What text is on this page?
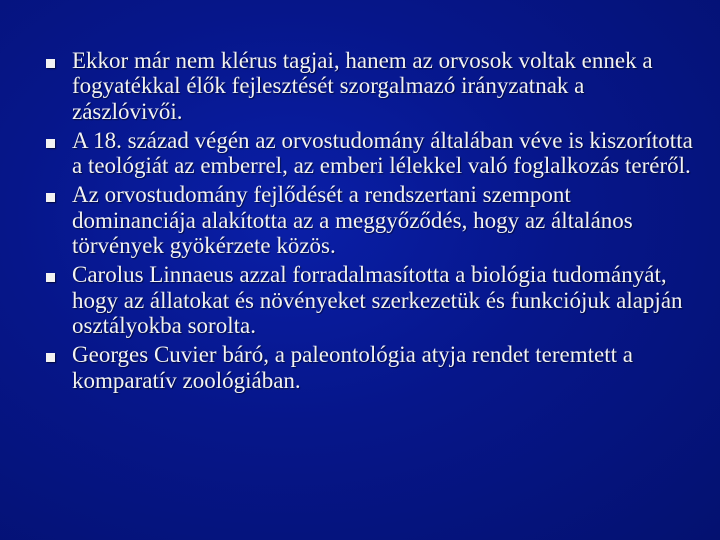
Ekkor már nem klérus tagjai, hanem az orvosok voltak ennek a fogyatékkal élők fejlesztését szorgalmazó irányzatnak a zászlóvivői.
A 18. század végén az orvostudomány általában véve is kiszorította a teológiát az emberrel, az emberi lélekkel való foglalkozás teréről.
Az orvostudomány fejlődését a rendszertani szempont dominanciája alakította az a meggyőződés, hogy az általános törvények gyökérzete közös.
Carolus Linnaeus azzal forradalmasította a biológia tudományát, hogy az állatokat és növényeket szerkezetük és funkciójuk alapján osztályokba sorolta.
Georges Cuvier báró, a paleontológia atyja rendet teremtett a komparatív zoológiában.
